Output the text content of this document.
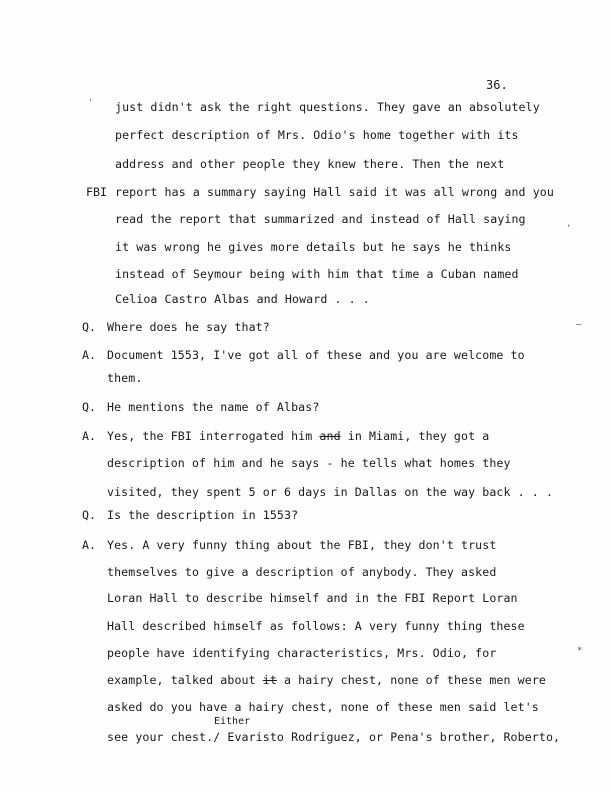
36.
' just didn't ask the right questions. They gave an absolutely
perfect description of Mrs. Odio's home together with its
address and other people they knew there. Then the next
FBI report has a summary saying Hall said it was all wrong and you
read the report that summarized and instead of Hall saying
it was wrong he gives more details but he says he thinks
'
instead of Seymour being with him that time a Cuban named
Celioa Castro Albas and Howard . . .
Q. Where does he say that?	—
A. Document 1553, I've got all of these and you are welcome to
them.
Q. He mentions the name of Albas?
A. Yes, the FBI interrogated him and in Miami, they got a
description of him and he says - he tells what homes they
visited, they spent 5 or 6 days in Dallas on the way back . . .
Q. Is the description in 1553?
A. Yes. A very funny thing about the FBI, they don't trust
themselves to give a description of anybody. They asked
Loran Hall to describe himself and in the FBI Report Loran
Hall described himself as follows: A very funny thing these
people have identifying characteristics, Mrs. Odio, for	*
example, talked about it a hairy chest, none of these men were
asked do you have a hairy chest, none of these men said let's
Either
see your chest./ Evaristo Rodriguez, or Pena's brother, Roberto,
